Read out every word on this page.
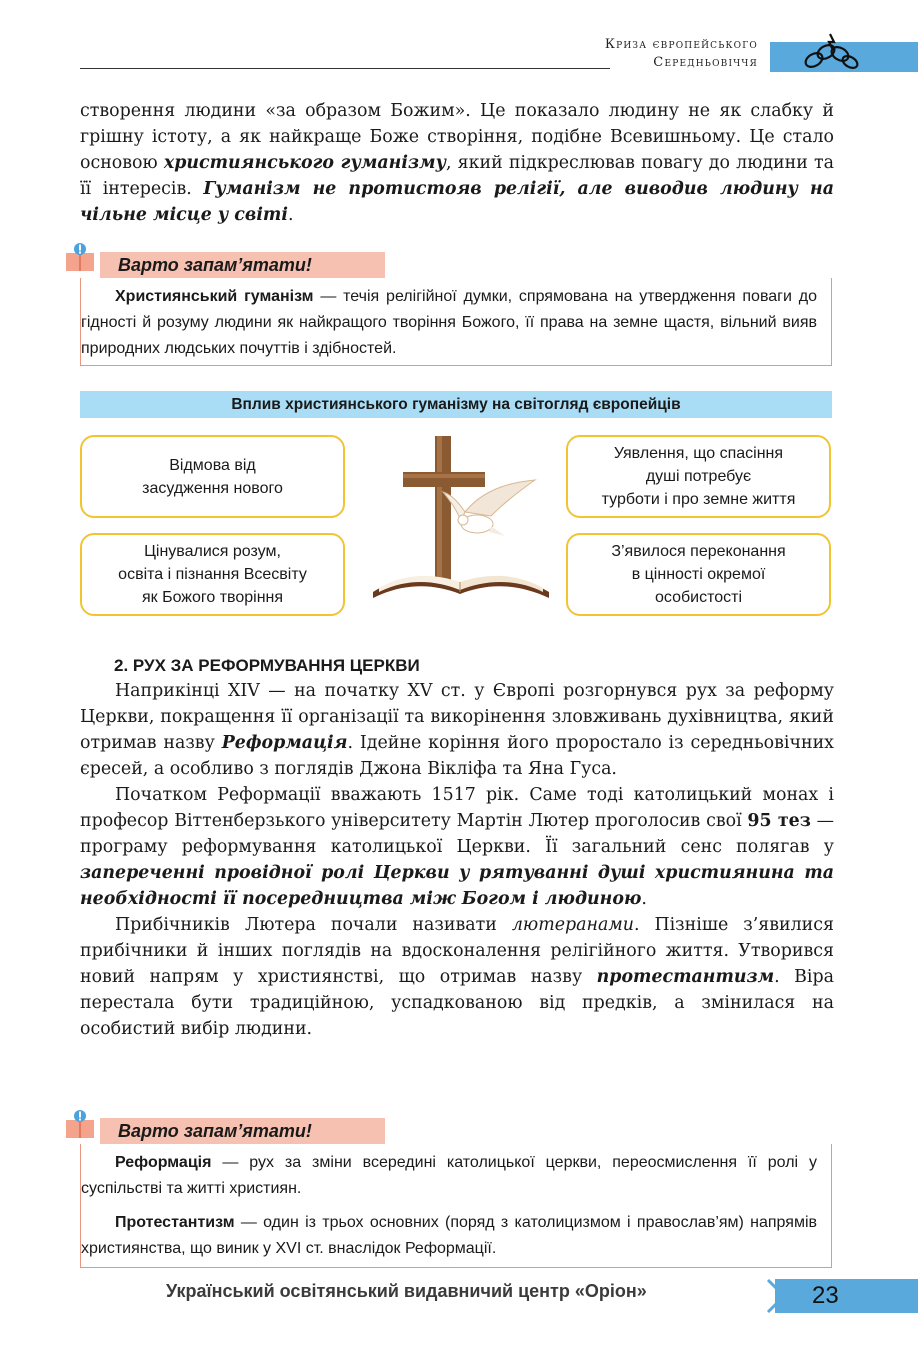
Криза європейського
Середньовіччя

створення людини «за образом Божим». Це показало людину не як слабку й грішну істоту, а як найкраще Боже створіння, подібне Всевишньому. Це стало основою християнського гуманізму, який підкреслював повагу до людини та її інтересів. Гуманізм не протистояв релігії, але виводив людину на чільне місце у світі.

Варто запам’ятати!

Християнський гуманізм — течія релігійної думки, спрямована на утвердження поваги до гідності й розуму людини як найкращого творіння Божого, її права на земне щастя, вільний вияв природних людських почуттів і здібностей.

Вплив християнського гуманізму на світогляд європейців
Відмова від
засудження нового
Уявлення, що спасіння
душі потребує
турботи і про земне життя
Цінувалися розум,
освіта і пізнання Всесвіту
як Божого творіння
З’явилося переконання
в цінності окремої
особистості
2. РУХ ЗА РЕФОРМУВАННЯ ЦЕРКВИ

Наприкінці XIV — на початку XV ст. у Європі розгорнувся рух за реформу Церкви, покращення її організації та викорінення зловживань духівництва, який отримав назву Реформація. Ідейне коріння його проростало із середньовічних єресей, а особливо з поглядів Джона Вікліфа та Яна Гуса.

Початком Реформації вважають 1517 рік. Саме тоді католицький монах і професор Віттенберзького університету Мартін Лютер проголосив свої 95 тез — програму реформування католицької Церкви. Її загальний сенс полягав у запереченні провідної ролі Церкви у рятуванні душі християнина та необхідності її посередництва між Богом і людиною.

Прибічників Лютера почали називати лютеранами. Пізніше з’явилися прибічники й інших поглядів на вдосконалення релігійного життя. Утворився новий напрям у християнстві, що отримав назву протестантизм. Віра перестала бути традиційною, успадкованою від предків, а змінилася на особистий вибір людини.

Варто запам’ятати!

Реформація — рух за зміни всередині католицької церкви, переосмислення її ролі у суспільстві та житті християн.

Протестантизм — один із трьох основних (поряд з католицизмом і православ’ям) напрямів християнства, що виник у XVI ст. внаслідок Реформації.

Український освітянський видавничий центр «Оріон»	23
